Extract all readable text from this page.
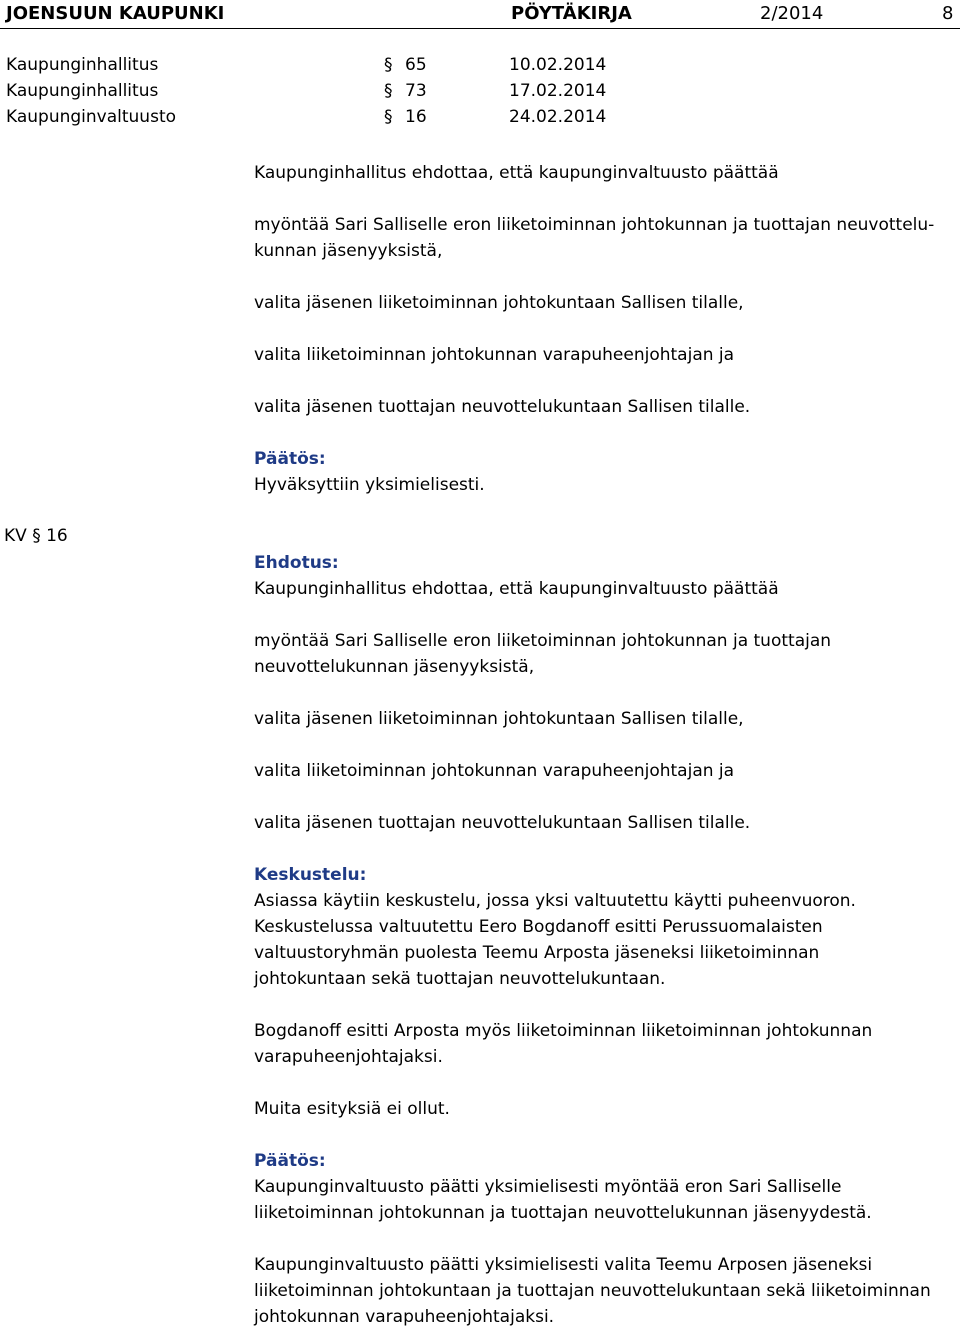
JOENSUUN KAUPUNKI	PÖYTÄKIRJA	2/2014	8
Kaupunginhallitus	§ 65	10.02.2014
Kaupunginhallitus	§ 73	17.02.2014
Kaupunginvaltuusto	§ 16	24.02.2014

Kaupunginhallitus ehdottaa, että kaupunginvaltuusto päättää

myöntää Sari Salliselle eron liiketoiminnan johtokunnan ja tuottajan neuvottelu-

kunnan jäsenyyksistä,

valita jäsenen liiketoiminnan johtokuntaan Sallisen tilalle,

valita liiketoiminnan johtokunnan varapuheenjohtajan ja

valita jäsenen tuottajan neuvottelukuntaan Sallisen tilalle.

Päätös:

Hyväksyttiin yksimielisesti.

KV § 16

Ehdotus:

Kaupunginhallitus ehdottaa, että kaupunginvaltuusto päättää

myöntää Sari Salliselle eron liiketoiminnan johtokunnan ja tuottajan

neuvottelukunnan jäsenyyksistä,

valita jäsenen liiketoiminnan johtokuntaan Sallisen tilalle,

valita liiketoiminnan johtokunnan varapuheenjohtajan ja

valita jäsenen tuottajan neuvottelukuntaan Sallisen tilalle.

Keskustelu:

Asiassa käytiin keskustelu, jossa yksi valtuutettu käytti puheenvuoron.

Keskustelussa valtuutettu Eero Bogdanoff esitti Perussuomalaisten

valtuustoryhmän puolesta Teemu Arposta jäseneksi liiketoiminnan

johtokuntaan sekä tuottajan neuvottelukuntaan.

Bogdanoff esitti Arposta myös liiketoiminnan liiketoiminnan johtokunnan

varapuheenjohtajaksi.

Muita esityksiä ei ollut.

Päätös:

Kaupunginvaltuusto päätti yksimielisesti myöntää eron Sari Salliselle

liiketoiminnan johtokunnan ja tuottajan neuvottelukunnan jäsenyydestä.

Kaupunginvaltuusto päätti yksimielisesti valita Teemu Arposen jäseneksi

liiketoiminnan johtokuntaan ja tuottajan neuvottelukuntaan sekä liiketoiminnan

johtokunnan varapuheenjohtajaksi.
